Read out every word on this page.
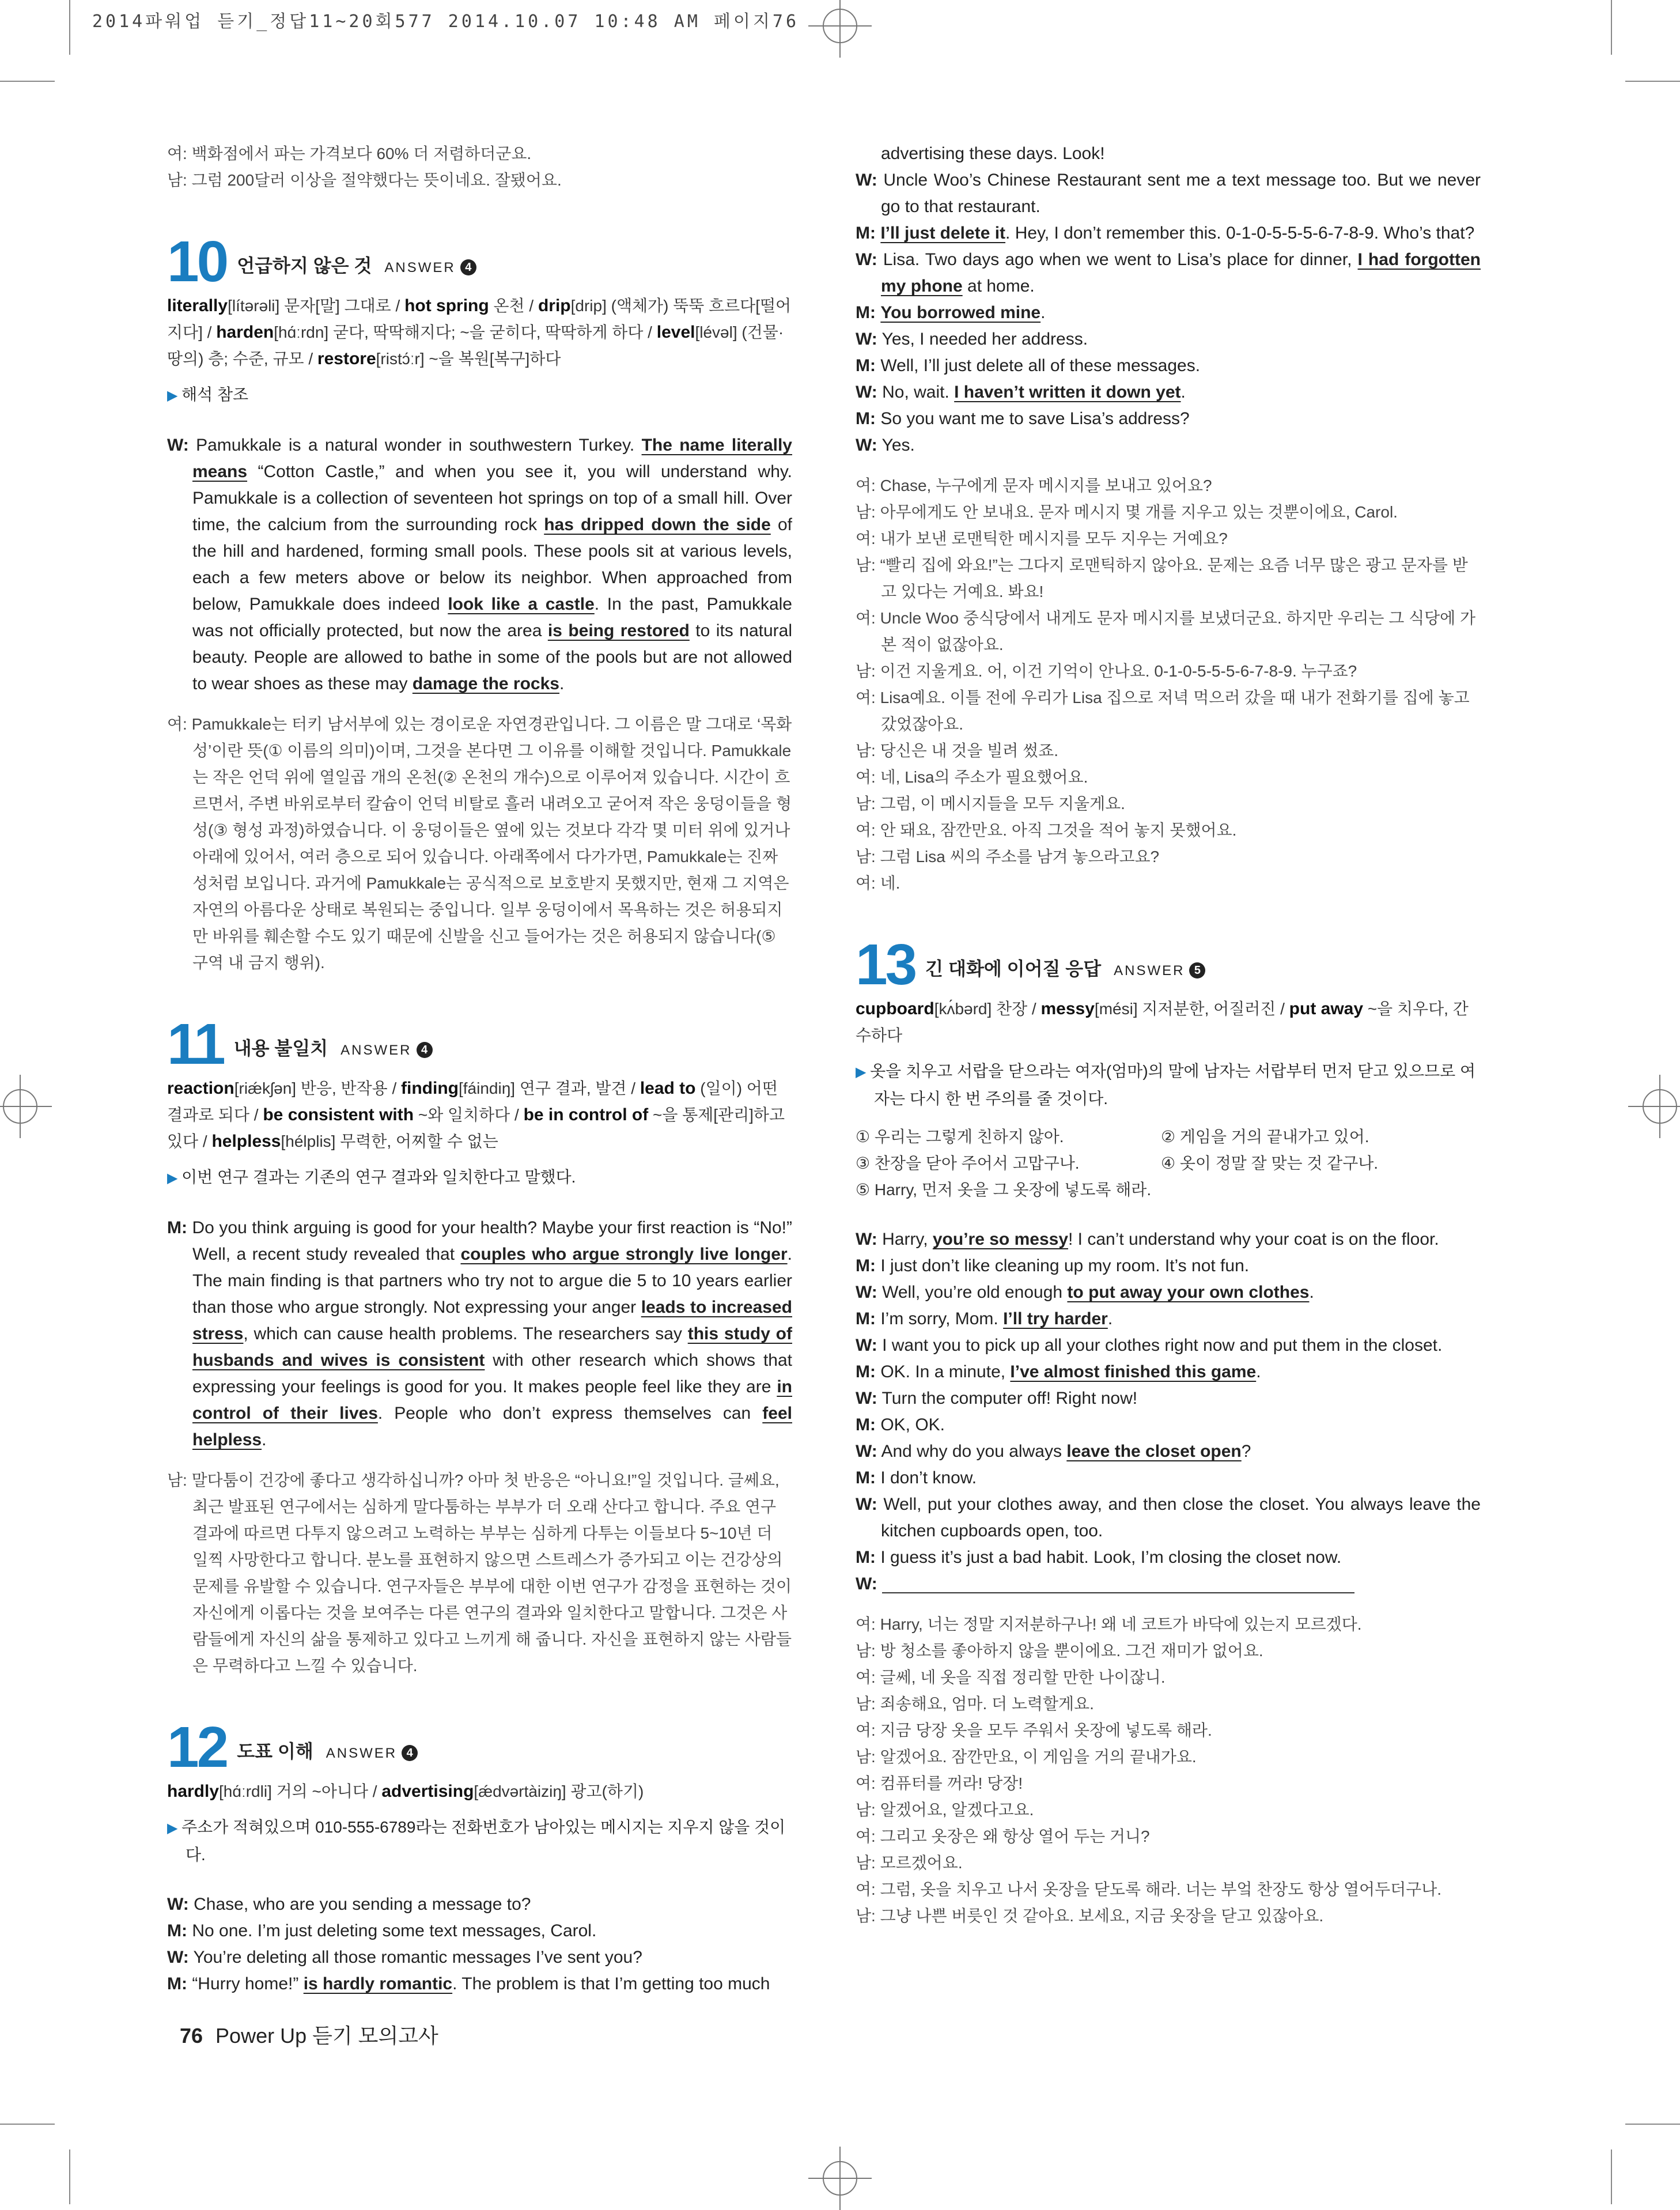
2014파워업 듣기_정답11~20회577 2014.10.07 10:48 AM 페이지76
여: 백화점에서 파는 가격보다 60% 더 저렴하더군요.
남: 그럼 200달러 이상을 절약했다는 뜻이네요. 잘됐어요.
10 언급하지 않은 것 ANSWER 4
literally[lítərəli] 문자[말] 그대로 / hot spring 온천 / drip[drip] (액체가) 뚝뚝 흐르다[떨어지다] / harden[hɑ́ːrdn] 굳다, 딱딱해지다; ~을 굳히다, 딱딱하게 하다 / level[lévəl] (건물·땅의) 층; 수준, 규모 / restore[ristɔ́ːr] ~을 복원[복구]하다
▶ 해석 참조
W: Pamukkale is a natural wonder in southwestern Turkey. The name literally means “Cotton Castle,” and when you see it, you will understand why. Pamukkale is a collection of seventeen hot springs on top of a small hill. Over time, the calcium from the surrounding rock has dripped down the side of the hill and hardened, forming small pools. These pools sit at various levels, each a few meters above or below its neighbor. When approached from below, Pamukkale does indeed look like a castle. In the past, Pamukkale was not officially protected, but now the area is being restored to its natural beauty. People are allowed to bathe in some of the pools but are not allowed to wear shoes as these may damage the rocks.
여: Pamukkale는 터키 남서부에 있는 경이로운 자연경관입니다. 그 이름은 말 그대로 ‘목화 성’이란 뜻(① 이름의 의미)이며, 그것을 본다면 그 이유를 이해할 것입니다. Pamukkale는 작은 언덕 위에 열일곱 개의 온천(② 온천의 개수)으로 이루어져 있습니다. 시간이 흐르면서, 주변 바위로부터 칼슘이 언덕 비탈로 흘러 내려오고 굳어져 작은 웅덩이들을 형성(③ 형성 과정)하였습니다. 이 웅덩이들은 옆에 있는 것보다 각각 몇 미터 위에 있거나 아래에 있어서, 여러 층으로 되어 있습니다. 아래쪽에서 다가가면, Pamukkale는 진짜 성처럼 보입니다. 과거에 Pamukkale는 공식적으로 보호받지 못했지만, 현재 그 지역은 자연의 아름다운 상태로 복원되는 중입니다. 일부 웅덩이에서 목욕하는 것은 허용되지만 바위를 훼손할 수도 있기 때문에 신발을 신고 들어가는 것은 허용되지 않습니다(⑤ 구역 내 금지 행위).
11 내용 불일치 ANSWER 4
reaction[riǽkʃən] 반응, 반작용 / finding[fáindiŋ] 연구 결과, 발견 / lead to (일이) 어떤 결과로 되다 / be consistent with ~와 일치하다 / be in control of ~을 통제[관리]하고 있다 / helpless[hélplis] 무력한, 어찌할 수 없는
▶ 이번 연구 결과는 기존의 연구 결과와 일치한다고 말했다.
M: Do you think arguing is good for your health? Maybe your first reaction is “No!” Well, a recent study revealed that couples who argue strongly live longer. The main finding is that partners who try not to argue die 5 to 10 years earlier than those who argue strongly. Not expressing your anger leads to increased stress, which can cause health problems. The researchers say this study of husbands and wives is consistent with other research which shows that expressing your feelings is good for you. It makes people feel like they are in control of their lives. People who don’t express themselves can feel helpless.
남: 말다툼이 건강에 좋다고 생각하십니까? 아마 첫 반응은 “아니요!”일 것입니다. 글쎄요, 최근 발표된 연구에서는 심하게 말다툼하는 부부가 더 오래 산다고 합니다. 주요 연구 결과에 따르면 다투지 않으려고 노력하는 부부는 심하게 다투는 이들보다 5~10년 더 일찍 사망한다고 합니다. 분노를 표현하지 않으면 스트레스가 증가되고 이는 건강상의 문제를 유발할 수 있습니다. 연구자들은 부부에 대한 이번 연구가 감정을 표현하는 것이 자신에게 이롭다는 것을 보여주는 다른 연구의 결과와 일치한다고 말합니다. 그것은 사람들에게 자신의 삶을 통제하고 있다고 느끼게 해 줍니다. 자신을 표현하지 않는 사람들은 무력하다고 느낄 수 있습니다.
12 도표 이해 ANSWER 4
hardly[hɑ́ːrdli] 거의 ~아니다 / advertising[ǽdvərtàiziŋ] 광고(하기)
▶ 주소가 적혀있으며 010-555-6789라는 전화번호가 남아있는 메시지는 지우지 않을 것이다.
W: Chase, who are you sending a message to?
M: No one. I’m just deleting some text messages, Carol.
W: You’re deleting all those romantic messages I’ve sent you?
M: “Hurry home!” is hardly romantic. The problem is that I’m getting too much
advertising these days. Look!
W: Uncle Woo’s Chinese Restaurant sent me a text message too. But we never go to that restaurant.
M: I’ll just delete it. Hey, I don’t remember this. 0-1-0-5-5-5-6-7-8-9. Who’s that?
W: Lisa. Two days ago when we went to Lisa’s place for dinner, I had forgotten my phone at home.
M: You borrowed mine.
W: Yes, I needed her address.
M: Well, I’ll just delete all of these messages.
W: No, wait. I haven’t written it down yet.
M: So you want me to save Lisa’s address?
W: Yes.
여: Chase, 누구에게 문자 메시지를 보내고 있어요?
남: 아무에게도 안 보내요. 문자 메시지 몇 개를 지우고 있는 것뿐이에요, Carol.
여: 내가 보낸 로맨틱한 메시지를 모두 지우는 거예요?
남: “빨리 집에 와요!”는 그다지 로맨틱하지 않아요. 문제는 요즘 너무 많은 광고 문자를 받고 있다는 거예요. 봐요!
여: Uncle Woo 중식당에서 내게도 문자 메시지를 보냈더군요. 하지만 우리는 그 식당에 가본 적이 없잖아요.
남: 이건 지울게요. 어, 이건 기억이 안나요. 0-1-0-5-5-5-6-7-8-9. 누구죠?
여: Lisa예요. 이틀 전에 우리가 Lisa 집으로 저녁 먹으러 갔을 때 내가 전화기를 집에 놓고 갔었잖아요.
남: 당신은 내 것을 빌려 썼죠.
여: 네, Lisa의 주소가 필요했어요.
남: 그럼, 이 메시지들을 모두 지울게요.
여: 안 돼요, 잠깐만요. 아직 그것을 적어 놓지 못했어요.
남: 그럼 Lisa 씨의 주소를 남겨 놓으라고요?
여: 네.
13 긴 대화에 이어질 응답 ANSWER 5
cupboard[kʌ́bərd] 찬장 / messy[mési] 지저분한, 어질러진 / put away ~을 치우다, 간수하다
▶ 옷을 치우고 서랍을 닫으라는 여자(엄마)의 말에 남자는 서랍부터 먼저 닫고 있으므로 여자는 다시 한 번 주의를 줄 것이다.
① 우리는 그렇게 친하지 않아.	② 게임을 거의 끝내가고 있어.
③ 찬장을 닫아 주어서 고맙구나.	④ 옷이 정말 잘 맞는 것 같구나.
⑤ Harry, 먼저 옷을 그 옷장에 넣도록 해라.
W: Harry, you’re so messy! I can’t understand why your coat is on the floor.
M: I just don’t like cleaning up my room. It’s not fun.
W: Well, you’re old enough to put away your own clothes.
M: I’m sorry, Mom. I’ll try harder.
W: I want you to pick up all your clothes right now and put them in the closet.
M: OK. In a minute, I’ve almost finished this game.
W: Turn the computer off! Right now!
M: OK, OK.
W: And why do you always leave the closet open?
M: I don’t know.
W: Well, put your clothes away, and then close the closet. You always leave the kitchen cupboards open, too.
M: I guess it’s just a bad habit. Look, I’m closing the closet now.
W:
여: Harry, 너는 정말 지저분하구나! 왜 네 코트가 바닥에 있는지 모르겠다.
남: 방 청소를 좋아하지 않을 뿐이에요. 그건 재미가 없어요.
여: 글쎄, 네 옷을 직접 정리할 만한 나이잖니.
남: 죄송해요, 엄마. 더 노력할게요.
여: 지금 당장 옷을 모두 주워서 옷장에 넣도록 해라.
남: 알겠어요. 잠깐만요, 이 게임을 거의 끝내가요.
여: 컴퓨터를 꺼라! 당장!
남: 알겠어요, 알겠다고요.
여: 그리고 옷장은 왜 항상 열어 두는 거니?
남: 모르겠어요.
여: 그럼, 옷을 치우고 나서 옷장을 닫도록 해라. 너는 부엌 찬장도 항상 열어두더구나.
남: 그냥 나쁜 버릇인 것 같아요. 보세요, 지금 옷장을 닫고 있잖아요.
76 Power Up 듣기 모의고사
